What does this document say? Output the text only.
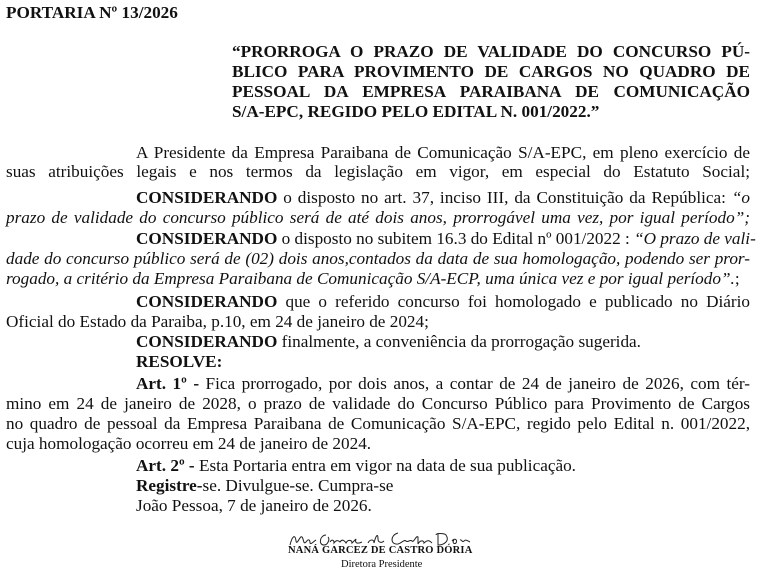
PORTARIA Nº 13/2026
“PRORROGA O PRAZO DE VALIDADE DO CONCURSO PÚ-
BLICO PARA PROVIMENTO DE CARGOS NO QUADRO DE
PESSOAL DA EMPRESA PARAIBANA DE COMUNICAÇÃO
S/A-EPC, REGIDO PELO EDITAL N. 001/2022.”
A Presidente da Empresa Paraibana de Comunicação S/A-EPC, em pleno exercício de
suas atribuições legais e nos termos da legislação em vigor, em especial do Estatuto Social;
CONSIDERANDO o disposto no art. 37, inciso III, da Constituição da República: “o
prazo de validade do concurso público será de até dois anos, prorrogável uma vez, por igual período”;
CONSIDERANDO o disposto no subitem 16.3 do Edital nº 001/2022 : “O prazo de vali-
dade do concurso público será de (02) dois anos,contados da data de sua homologação, podendo ser pror-
rogado, a critério da Empresa Paraibana de Comunicação S/A-ECP, uma única vez e por igual período”.;
CONSIDERANDO que o referido concurso foi homologado e publicado no Diário
Oficial do Estado da Paraiba, p.10, em 24 de janeiro de 2024;
CONSIDERANDO finalmente, a conveniência da prorrogação sugerida.
RESOLVE:
Art. 1º - Fica prorrogado, por dois anos, a contar de 24 de janeiro de 2026, com tér-
mino em 24 de janeiro de 2028, o prazo de validade do Concurso Público para Provimento de Cargos
no quadro de pessoal da Empresa Paraibana de Comunicação S/A-EPC, regido pelo Edital n. 001/2022,
cuja homologação ocorreu em 24 de janeiro de 2024.
Art. 2º - Esta Portaria entra em vigor na data de sua publicação.
Registre-se. Divulgue-se. Cumpra-se
João Pessoa, 7 de janeiro de 2026.
NANÁ GARCEZ DE CASTRO DÓRIA
Diretora Presidente
